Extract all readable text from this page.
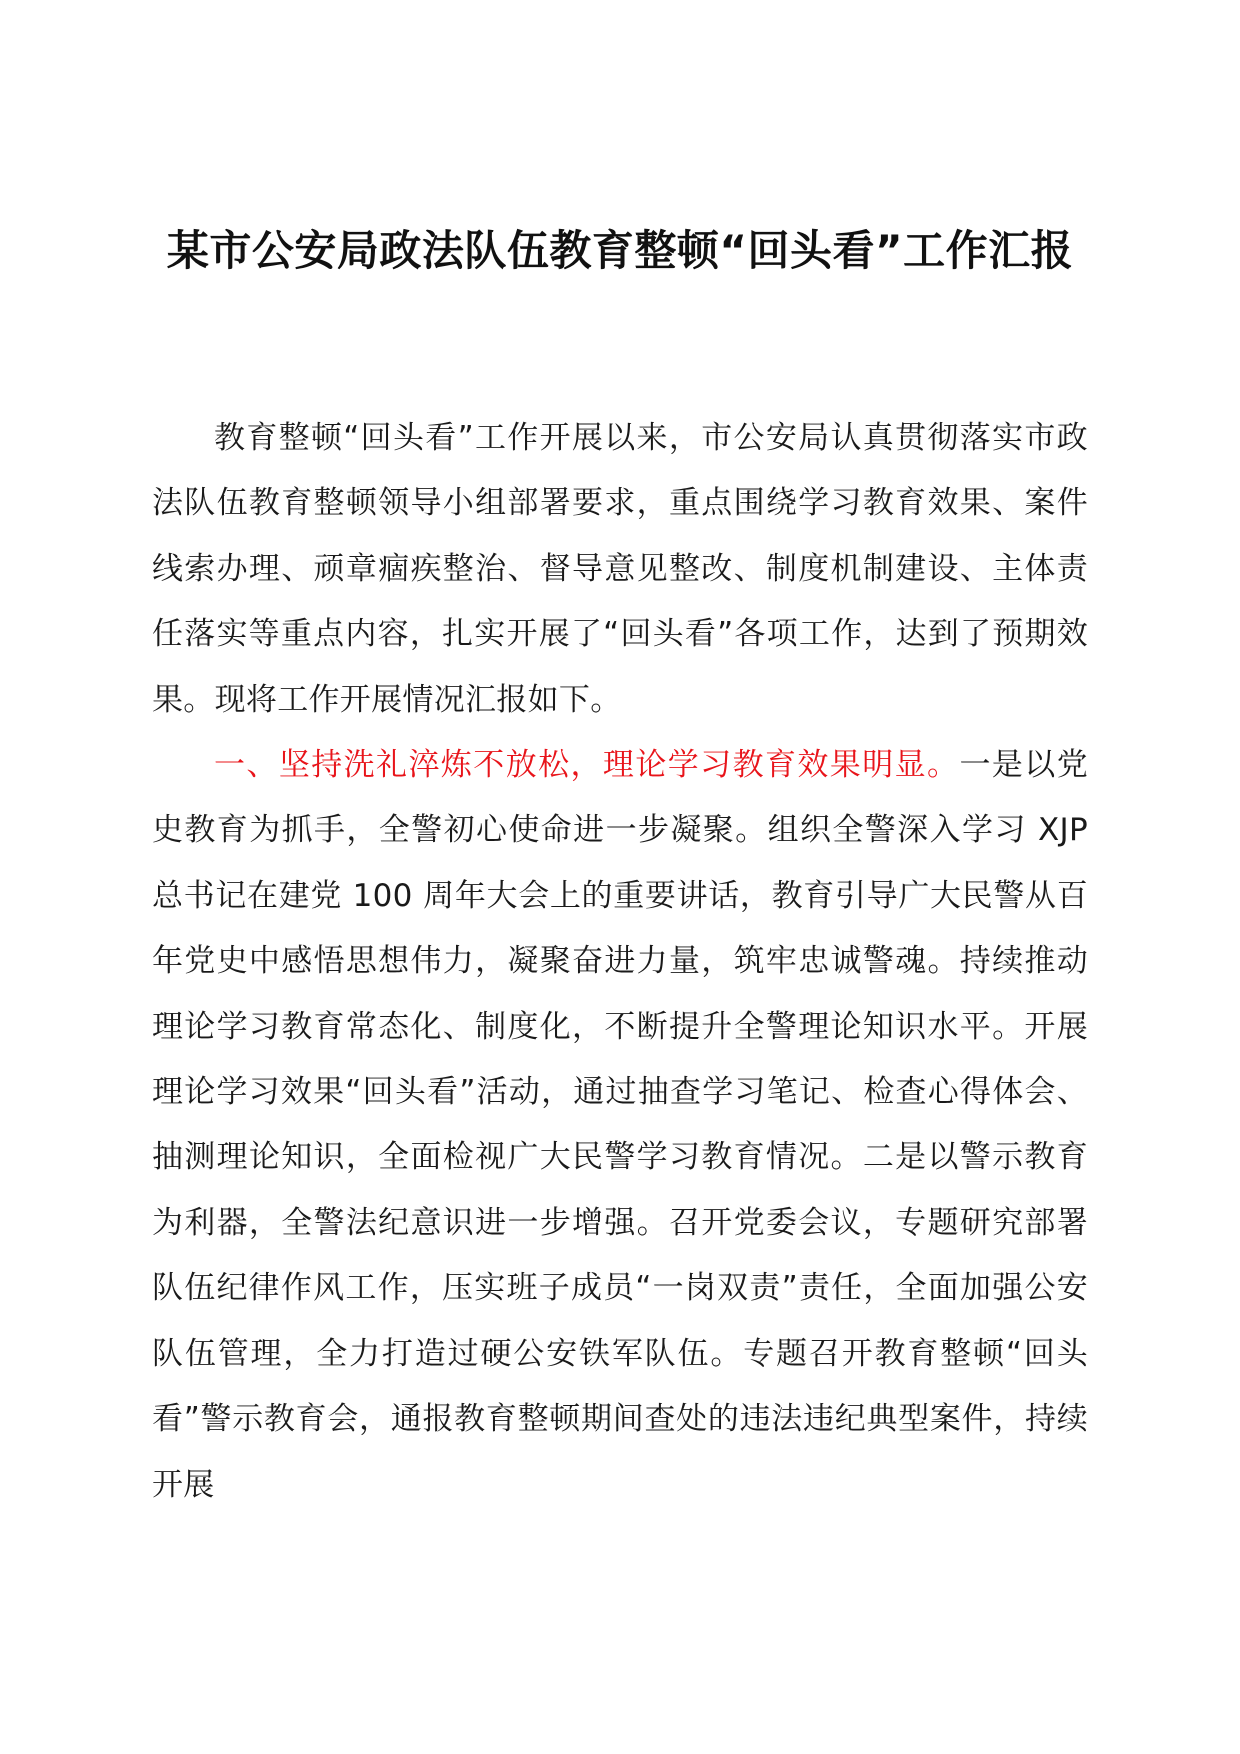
某市公安局政法队伍教育整顿“回头看”工作汇报

教育整顿“回头看”工作开展以来，市公安局认真贯彻落实市政法队伍教育整顿领导小组部署要求，重点围绕学习教育效果、案件线索办理、顽章痼疾整治、督导意见整改、制度机制建设、主体责任落实等重点内容，扎实开展了“回头看”各项工作，达到了预期效果。现将工作开展情况汇报如下。

一、坚持洗礼淬炼不放松，理论学习教育效果明显。一是以党史教育为抓手，全警初心使命进一步凝聚。组织全警深入学习 XJP 总书记在建党 100 周年大会上的重要讲话，教育引导广大民警从百年党史中感悟思想伟力，凝聚奋进力量，筑牢忠诚警魂。持续推动理论学习教育常态化、制度化，不断提升全警理论知识水平。开展理论学习效果“回头看”活动，通过抽查学习笔记、检查心得体会、抽测理论知识，全面检视广大民警学习教育情况。二是以警示教育为利器，全警法纪意识进一步增强。召开党委会议，专题研究部署队伍纪律作风工作，压实班子成员“一岗双责”责任，全面加强公安队伍管理，全力打造过硬公安铁军队伍。专题召开教育整顿“回头看”警示教育会，通报教育整顿期间查处的违法违纪典型案件，持续开展
